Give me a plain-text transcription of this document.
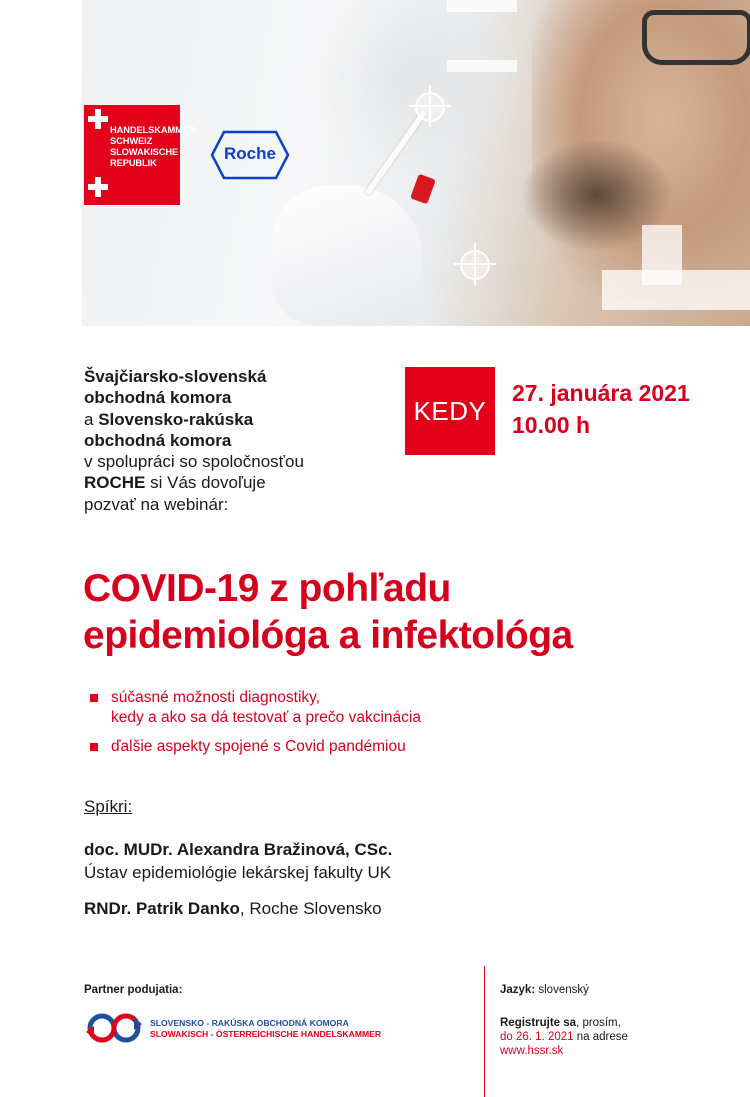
HANDELSKAMMER
SCHWEIZ
SLOWAKISCHE
REPUBLIK	Roche
Švajčiarsko-slovenská
obchodná komora
a Slovensko-rakúska
obchodná komora
v spolupráci so spoločnosťou
ROCHE si Vás dovoľuje
pozvať na webinár:
KEDY
27. januára 2021
10.00 h
COVID-19 z pohľadu
epidemiológa a infektológa
súčasné možnosti diagnostiky,
kedy a ako sa dá testovať a prečo vakcinácia
ďalšie aspekty spojené s Covid pandémiou
Spíkri:
doc. MUDr. Alexandra Bražinová, CSc.
Ústav epidemiológie lekárskej fakulty UK
RNDr. Patrik Danko, Roche Slovensko
Partner podujatia:
SLOVENSKO - RAKÚSKA OBCHODNÁ KOMORA
SLOWAKISCH - ÖSTERREICHISCHE HANDELSKAMMER
Jazyk: slovenský
Registrujte sa, prosím,
do 26. 1. 2021 na adrese
www.hssr.sk
